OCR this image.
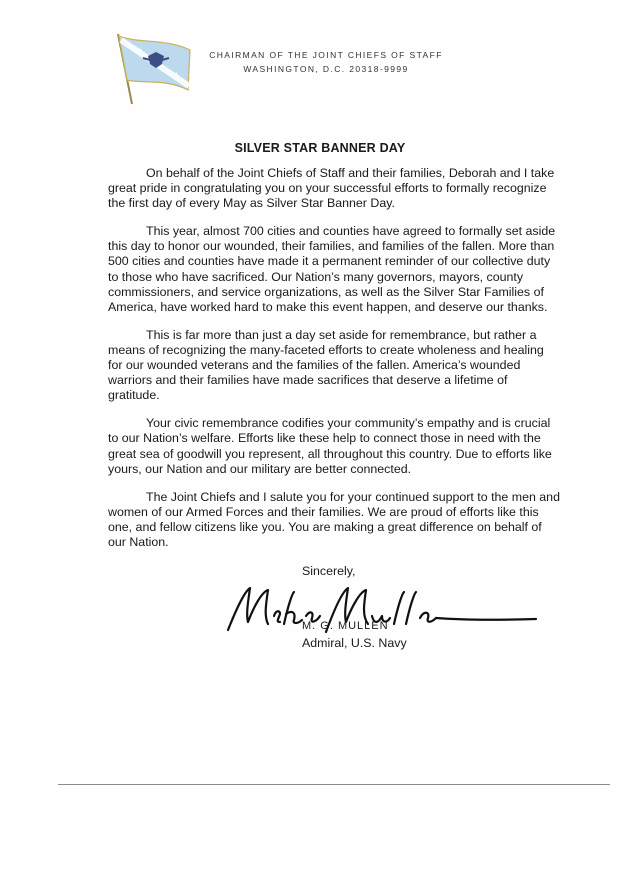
CHAIRMAN OF THE JOINT CHIEFS OF STAFF
WASHINGTON, D.C. 20318-9999
SILVER STAR BANNER DAY

On behalf of the Joint Chiefs of Staff and their families, Deborah and I take great pride in congratulating you on your successful efforts to formally recognize the first day of every May as Silver Star Banner Day.

This year, almost 700 cities and counties have agreed to formally set aside this day to honor our wounded, their families, and families of the fallen. More than 500 cities and counties have made it a permanent reminder of our collective duty to those who have sacrificed. Our Nation’s many governors, mayors, county commissioners, and service organizations, as well as the Silver Star Families of America, have worked hard to make this event happen, and deserve our thanks.

This is far more than just a day set aside for remembrance, but rather a means of recognizing the many-faceted efforts to create wholeness and healing for our wounded veterans and the families of the fallen. America’s wounded warriors and their families have made sacrifices that deserve a lifetime of gratitude.

Your civic remembrance codifies your community’s empathy and is crucial to our Nation’s welfare. Efforts like these help to connect those in need with the great sea of goodwill you represent, all throughout this country. Due to efforts like yours, our Nation and our military are better connected.

The Joint Chiefs and I salute you for your continued support to the men and women of our Armed Forces and their families. We are proud of efforts like this one, and fellow citizens like you. You are making a great difference on behalf of our Nation.

Sincerely,
M. G. MULLEN
Admiral, U.S. Navy
